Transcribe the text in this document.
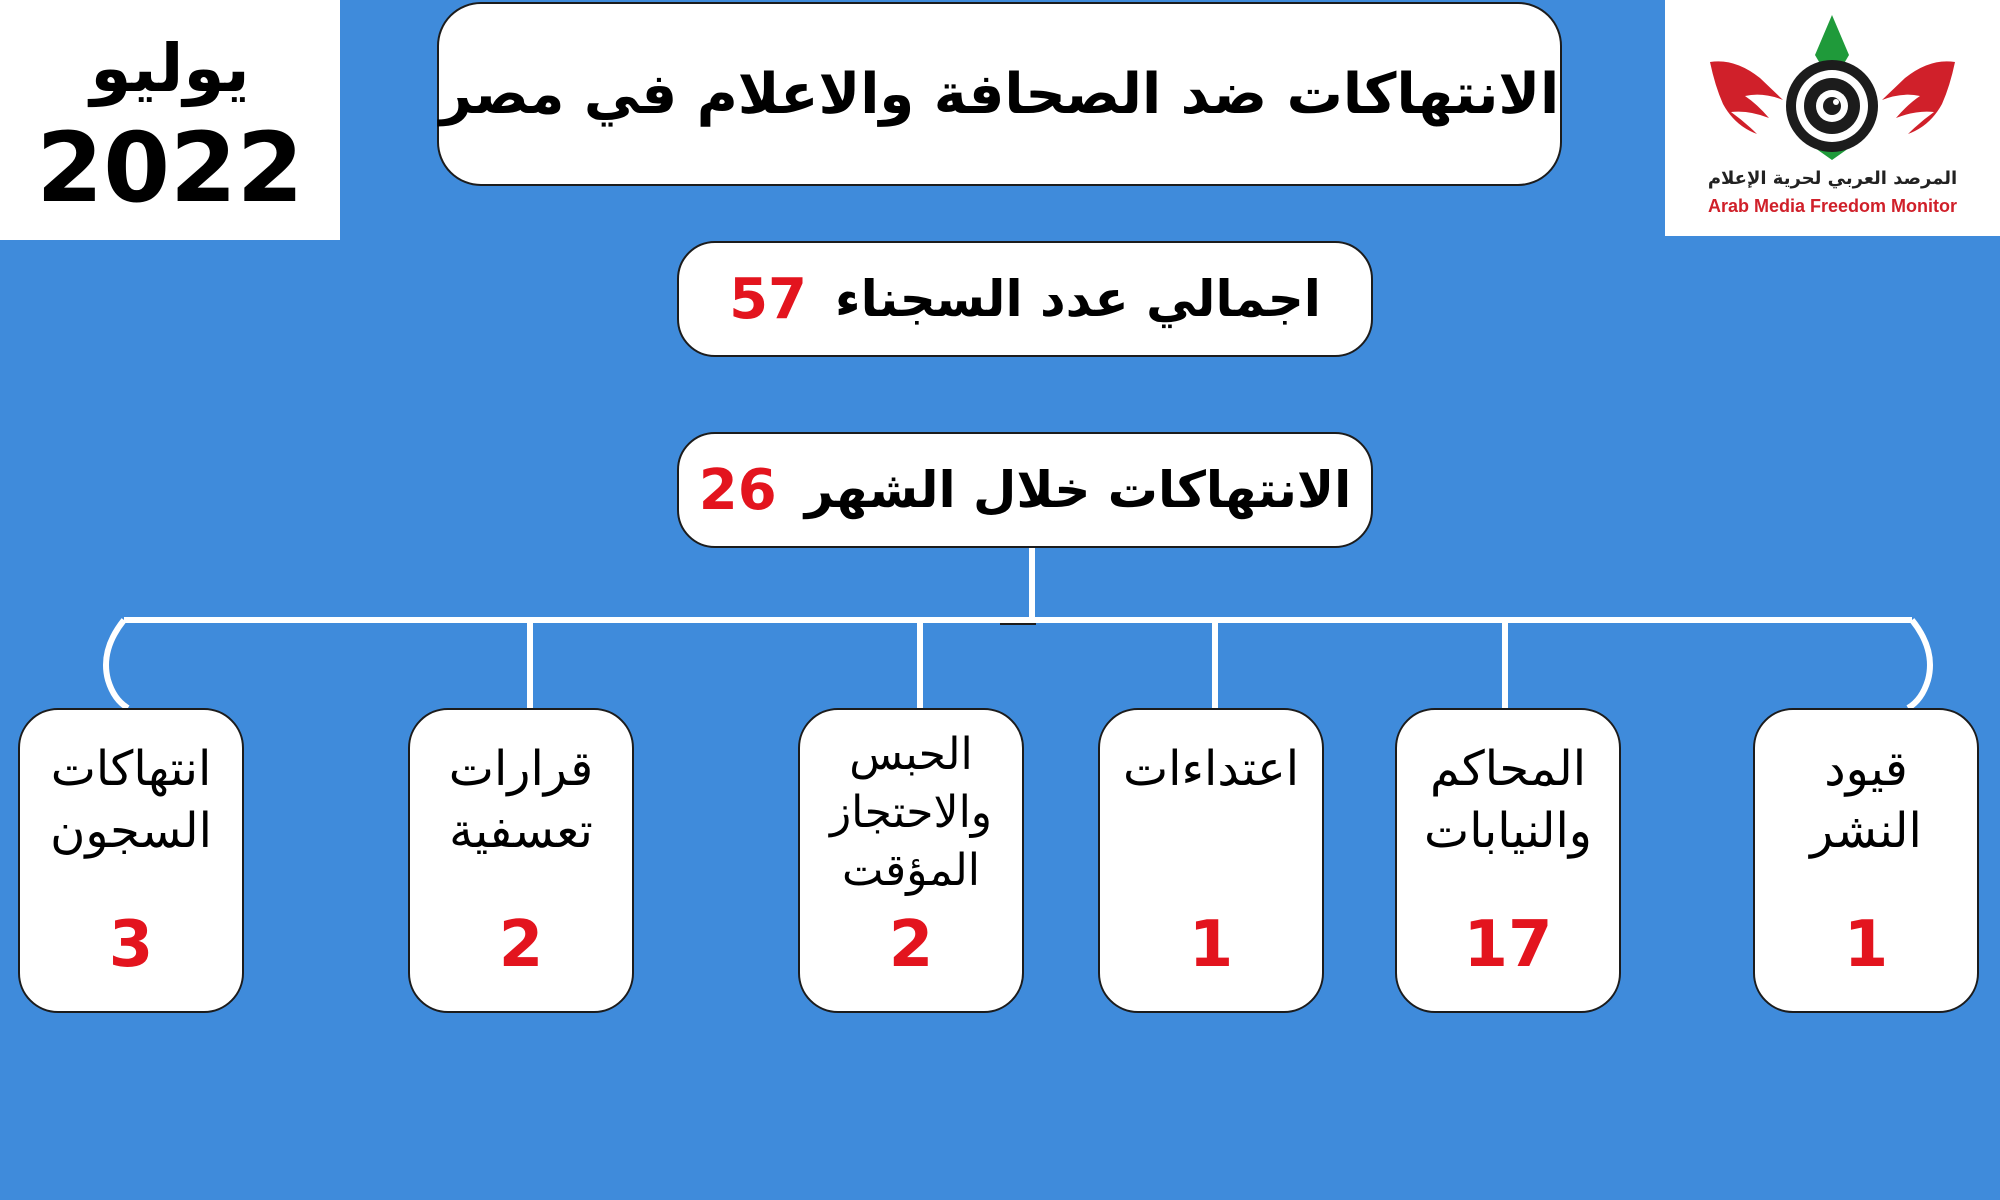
يوليو
2022	المرصد العربي لحرية الإعلام
Arab Media Freedom Monitor
الانتهاكات ضد الصحافة والاعلام في مصر
اجمالي عدد السجناء
57
الانتهاكات خلال الشهر
26
قيود النشر
1
المحاكم والنيابات
17
اعتداءات
1
الحبس والاحتجاز المؤقت
2
قرارات تعسفية
2
انتهاكات السجون
3
